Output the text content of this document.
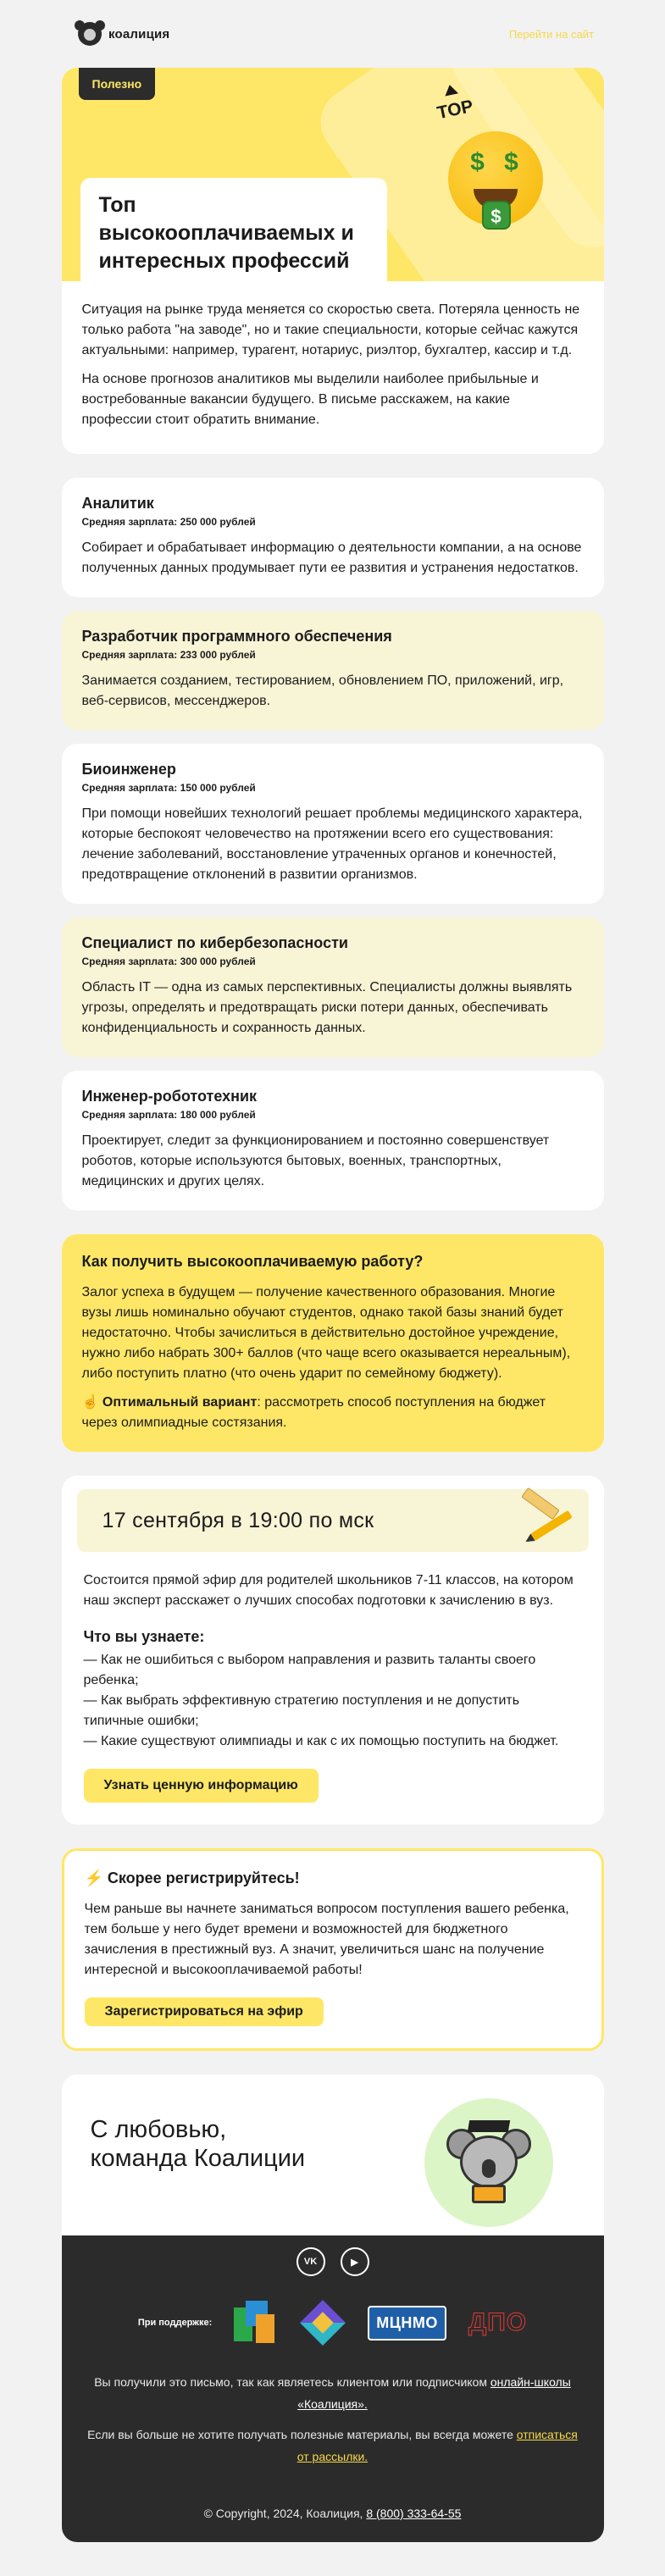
коалиция	Перейти на сайт
Полезно
TOP
$ $
$
Топ высокооплачиваемых и интересных профессий

Ситуация на рынке труда меняется со скоростью света. Потеряла ценность не только работа "на заводе", но и такие специальности, которые сейчас кажутся актуальными: например, турагент, нотариус, риэлтор, бухгалтер, кассир и т.д.

На основе прогнозов аналитиков мы выделили наиболее прибыльные и востребованные вакансии будущего. В письме расскажем, на какие профессии стоит обратить внимание.

Аналитик
Средняя зарплата: 250 000 рублей

Собирает и обрабатывает информацию о деятельности компании, а на основе полученных данных продумывает пути ее развития и устранения недостатков.

Разработчик программного обеспечения
Средняя зарплата: 233 000 рублей

Занимается созданием, тестированием, обновлением ПО, приложений, игр, веб-сервисов, мессенджеров.

Биоинженер
Средняя зарплата: 150 000 рублей

При помощи новейших технологий решает проблемы медицинского характера, которые беспокоят человечество на протяжении всего его существования: лечение заболеваний, восстановление утраченных органов и конечностей, предотвращение отклонений в развитии организмов.

Специалист по кибербезопасности
Средняя зарплата: 300 000 рублей

Область IT — одна из самых перспективных. Специалисты должны выявлять угрозы, определять и предотвращать риски потери данных, обеспечивать конфиденциальность и сохранность данных.

Инженер-робототехник
Средняя зарплата: 180 000 рублей

Проектирует, следит за функционированием и постоянно совершенствует роботов, которые используются бытовых, военных, транспортных, медицинских и других целях.

Как получить высокооплачиваемую работу?

Залог успеха в будущем — получение качественного образования. Многие вузы лишь номинально обучают студентов, однако такой базы знаний будет недостаточно. Чтобы зачислиться в действительно достойное учреждение, нужно либо набрать 300+ баллов (что чаще всего оказывается нереальным), либо поступить платно (что очень ударит по семейному бюджету).

☝️ Оптимальный вариант: рассмотреть способ поступления на бюджет через олимпиадные состязания.

17 сентября в 19:00 по мск

Состоится прямой эфир для родителей школьников 7-11 классов, на котором наш эксперт расскажет о лучших способах подготовки к зачислению в вуз.

Что вы узнаете:
— Как не ошибиться с выбором направления и развить таланты своего ребенка;
— Как выбрать эффективную стратегию поступления и не допустить типичные ошибки;
— Какие существуют олимпиады и как с их помощью поступить на бюджет.
Узнать ценную информацию
⚡ Скорее регистрируйтесь!

Чем раньше вы начнете заниматься вопросом поступления вашего ребенка, тем больше у него будет времени и возможностей для бюджетного зачисления в престижный вуз. А значит, увеличиться шанс на получение интересной и высокооплачиваемой работы!

Зарегистрироваться на эфир
С любовью,
команда Коалиции
VK	▶
При поддержке:	МЦНМО	ДПО

Вы получили это письмо, так как являетесь клиентом или подписчиком онлайн-школы «Коалиция».

Если вы больше не хотите получать полезные материалы, вы всегда можете отписаться от рассылки.

© Copyright, 2024, Коалиция, 8 (800) 333-64-55
